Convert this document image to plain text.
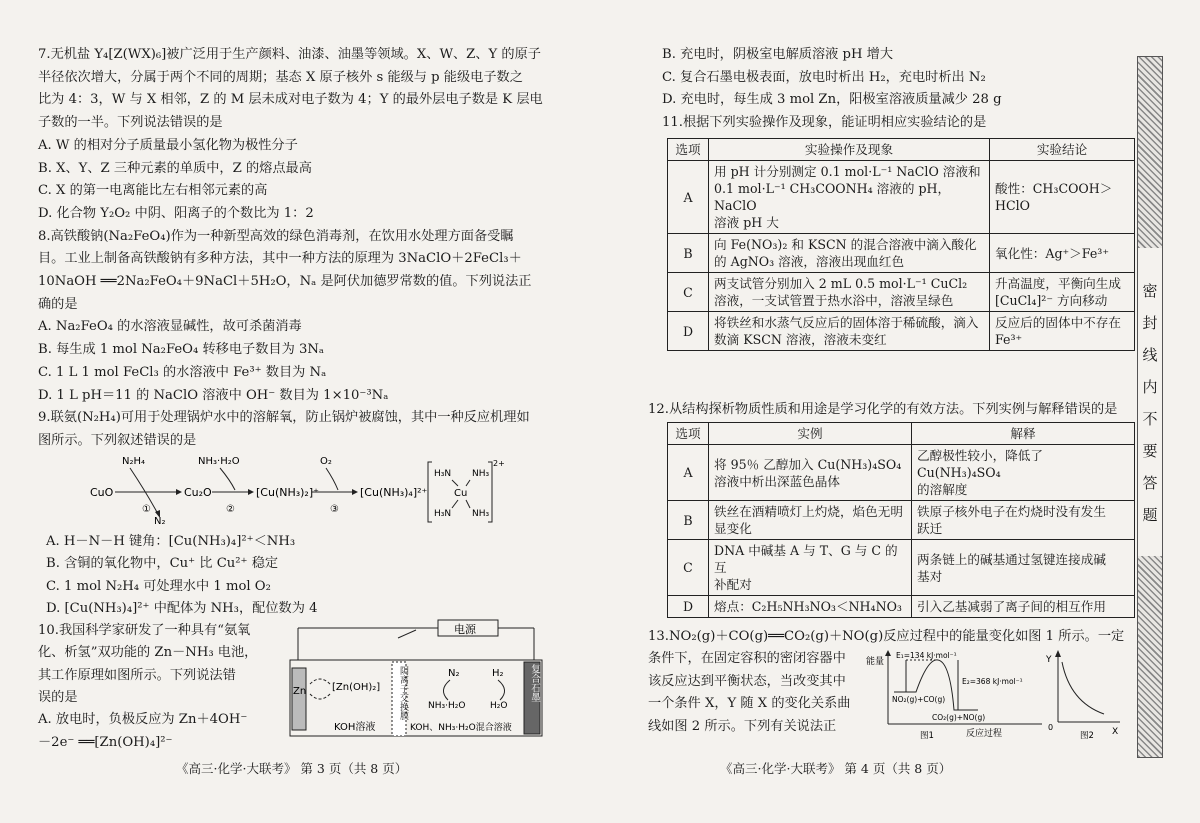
7.无机盐 Y₄[Z(WX)₆]被广泛用于生产颜料、油漆、油墨等领域。X、W、Z、Y 的原子
半径依次增大，分属于两个不同的周期；基态 X 原子核外 s 能级与 p 能级电子数之
比为 4：3，W 与 X 相邻，Z 的 M 层未成对电子数为 4；Y 的最外层电子数是 K 层电
子数的一半。下列说法错误的是
A. W 的相对分子质量最小氢化物为极性分子
B. X、Y、Z 三种元素的单质中，Z 的熔点最高
C. X 的第一电离能比左右相邻元素的高
D. 化合物 Y₂O₂ 中阴、阳离子的个数比为 1：2
8.高铁酸钠(Na₂FeO₄)作为一种新型高效的绿色消毒剂，在饮用水处理方面备受瞩
目。工业上制备高铁酸钠有多种方法，其中一种方法的原理为 3NaClO＋2FeCl₃＋
10NaOH ══2Na₂FeO₄＋9NaCl＋5H₂O，Nₐ 是阿伏加德罗常数的值。下列说法正
确的是
A. Na₂FeO₄ 的水溶液显碱性，故可杀菌消毒
B. 每生成 1 mol Na₂FeO₄ 转移电子数目为 3Nₐ
C. 1 L 1 mol FeCl₃ 的水溶液中 Fe³⁺ 数目为 Nₐ
D. 1 L pH＝11 的 NaClO 溶液中 OH⁻ 数目为 1×10⁻³Nₐ
9.联氨(N₂H₄)可用于处理锅炉水中的溶解氧，防止锅炉被腐蚀，其中一种反应机理如
图所示。下列叙述错误的是
CuO
N₂H₄
N₂
①
Cu₂O
NH₃·H₂O
②
[Cu(NH₃)₂]⁺
O₂
③
[Cu(NH₃)₄]²⁺
2+
Cu
H₃N
H₃N
NH₃
NH₃
A. H－N－H 键角：[Cu(NH₃)₄]²⁺＜NH₃
B. 含铜的氧化物中，Cu⁺ 比 Cu²⁺ 稳定
C. 1 mol N₂H₄ 可处理水中 1 mol O₂
D. [Cu(NH₃)₄]²⁺ 中配体为 NH₃，配位数为 4
10.我国科学家研发了一种具有“氨氧
化、析氢”双功能的 Zn－NH₃ 电池，
其工作原理如图所示。下列说法错
误的是
A. 放电时，负极反应为 Zn＋4OH⁻
－2e⁻ ══[Zn(OH)₄]²⁻
电源
Zn	[Zn(OH)₂]
KOH溶液
N₂	H₂
NH₃·H₂O	H₂O
KOH、NH₃·H₂O混合溶液
阴离子交换膜	复合石墨
《高三·化学·大联考》 第 3 页（共 8 页）
B. 充电时，阴极室电解质溶液 pH 增大
C. 复合石墨电极表面，放电时析出 H₂，充电时析出 N₂
D. 充电时，每生成 3 mol Zn，阳极室溶液质量减少 28 g
11.根据下列实验操作及现象，能证明相应实验结论的是
选项	实验操作及现象	实验结论
A	用 pH 计分别测定 0.1 mol·L⁻¹ NaClO 溶液和
0.1 mol·L⁻¹ CH₃COONH₄ 溶液的 pH，NaClO
溶液 pH 大	酸性：CH₃COOH＞HClO
B	向 Fe(NO₃)₂ 和 KSCN 的混合溶液中滴入酸化
的 AgNO₃ 溶液，溶液出现血红色	氧化性：Ag⁺＞Fe³⁺
C	两支试管分别加入 2 mL 0.5 mol·L⁻¹ CuCl₂
溶液，一支试管置于热水浴中，溶液呈绿色	升高温度，平衡向生成
[CuCl₄]²⁻ 方向移动
D	将铁丝和水蒸气反应后的固体溶于稀硫酸，滴入
数滴 KSCN 溶液，溶液未变红	反应后的固体中不存在
Fe³⁺
12.从结构探析物质性质和用途是学习化学的有效方法。下列实例与解释错误的是
选项	实例	解释
A	将 95％ 乙醇加入 Cu(NH₃)₄SO₄
溶液中析出深蓝色晶体	乙醇极性较小，降低了 Cu(NH₃)₄SO₄
的溶解度
B	铁丝在酒精喷灯上灼烧，焰色无明
显变化	铁原子核外电子在灼烧时没有发生
跃迁
C	DNA 中碱基 A 与 T、G 与 C 的互
补配对	两条链上的碱基通过氢键连接成碱
基对
D	熔点：C₂H₅NH₃NO₃＜NH₄NO₃	引入乙基减弱了离子间的相互作用
13.NO₂(g)＋CO(g)══CO₂(g)＋NO(g)反应过程中的能量变化如图 1 所示。一定
条件下，在固定容积的密闭容器中
该反应达到平衡状态，当改变其中
一个条件 X，Y 随 X 的变化关系曲
线如图 2 所示。下列有关说法正
能量
E₁=134 kJ·mol⁻¹
E₂=368 kJ·mol⁻¹
NO₂(g)+CO(g)
CO₂(g)+NO(g)
图1	反应过程
Y
0	X
图2
《高三·化学·大联考》 第 4 页（共 8 页）
密
封
线
内
不
要
答
题
